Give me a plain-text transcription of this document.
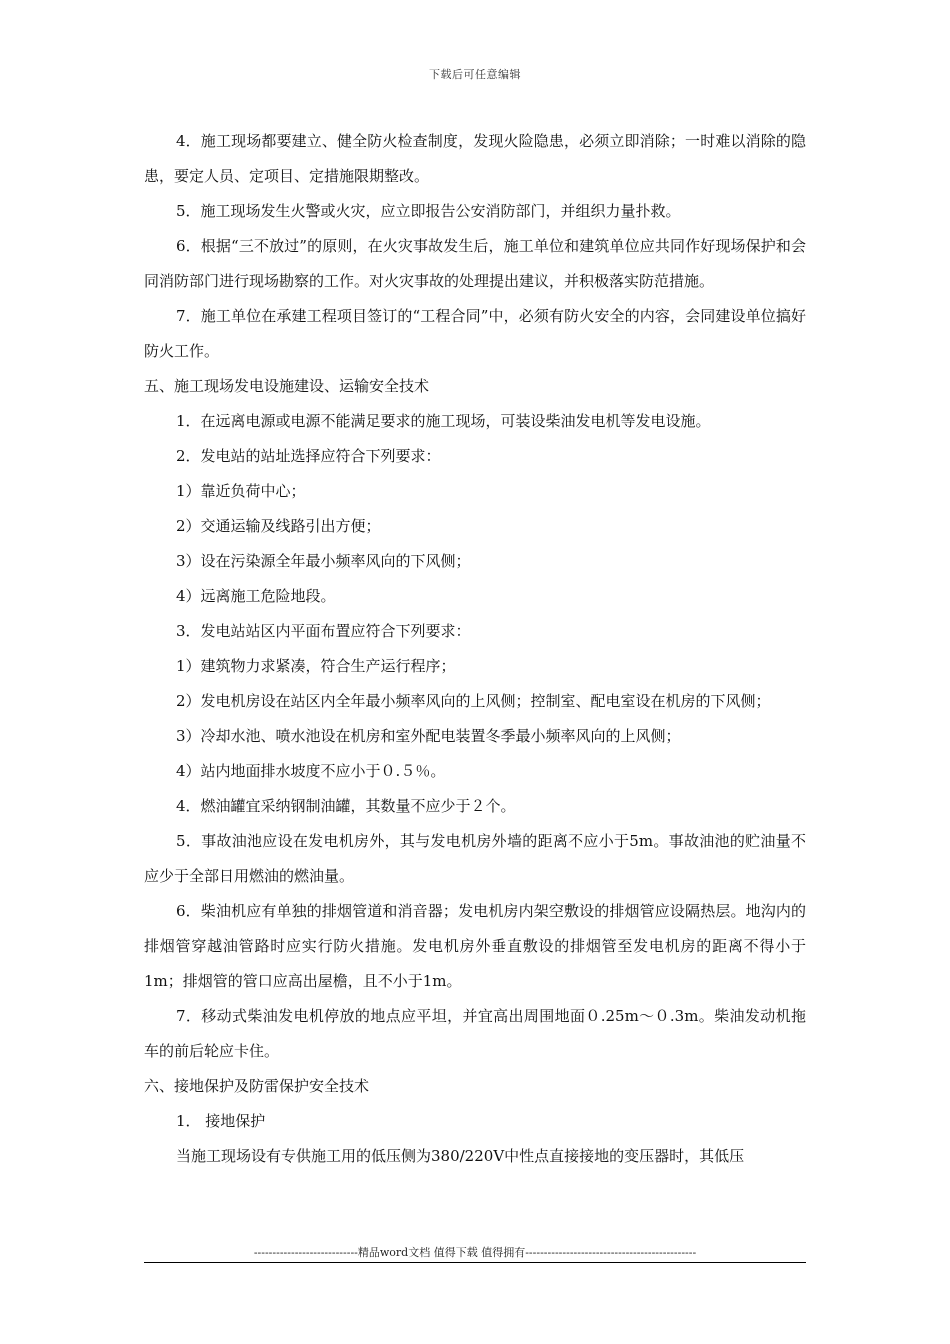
下载后可任意编辑

4．施工现场都要建立、健全防火检查制度，发现火险隐患，必须立即消除；一时难以消除的隐患，要定人员、定项目、定措施限期整改。

5．施工现场发生火警或火灾，应立即报告公安消防部门，并组织力量扑救。

6．根据“三不放过”的原则，在火灾事故发生后，施工单位和建筑单位应共同作好现场保护和会同消防部门进行现场勘察的工作。对火灾事故的处理提出建议，并积极落实防范措施。

7．施工单位在承建工程项目签订的“工程合同”中，必须有防火安全的内容，会同建设单位搞好防火工作。

五、施工现场发电设施建设、运输安全技术

1．在远离电源或电源不能满足要求的施工现场，可装设柴油发电机等发电设施。

2．发电站的站址选择应符合下列要求：

1）靠近负荷中心；

2）交通运输及线路引出方便；

3）设在污染源全年最小频率风向的下风侧；

4）远离施工危险地段。

3．发电站站区内平面布置应符合下列要求：

1）建筑物力求紧凑，符合生产运行程序；

2）发电机房设在站区内全年最小频率风向的上风侧；控制室、配电室设在机房的下风侧；

3）冷却水池、喷水池设在机房和室外配电装置冬季最小频率风向的上风侧；

4）站内地面排水坡度不应小于０.５％。

4．燃油罐宜采纳钢制油罐，其数量不应少于２个。

5．事故油池应设在发电机房外，其与发电机房外墙的距离不应小于5m。事故油池的贮油量不应少于全部日用燃油的燃油量。

6．柴油机应有单独的排烟管道和消音器；发电机房内架空敷设的排烟管应设隔热层。地沟内的排烟管穿越油管路时应实行防火措施。发电机房外垂直敷设的排烟管至发电机房的距离不得小于1m；排烟管的管口应高出屋檐，且不小于1m。

7．移动式柴油发电机停放的地点应平坦，并宜高出周围地面０.25m～０.3m。柴油发动机拖车的前后轮应卡住。

六、接地保护及防雷保护安全技术

1． 接地保护

当施工现场设有专供施工用的低压侧为380/220V中性点直接接地的变压器时，其低压

----------------------------精品word文档 值得下载 值得拥有----------------------------------------------
